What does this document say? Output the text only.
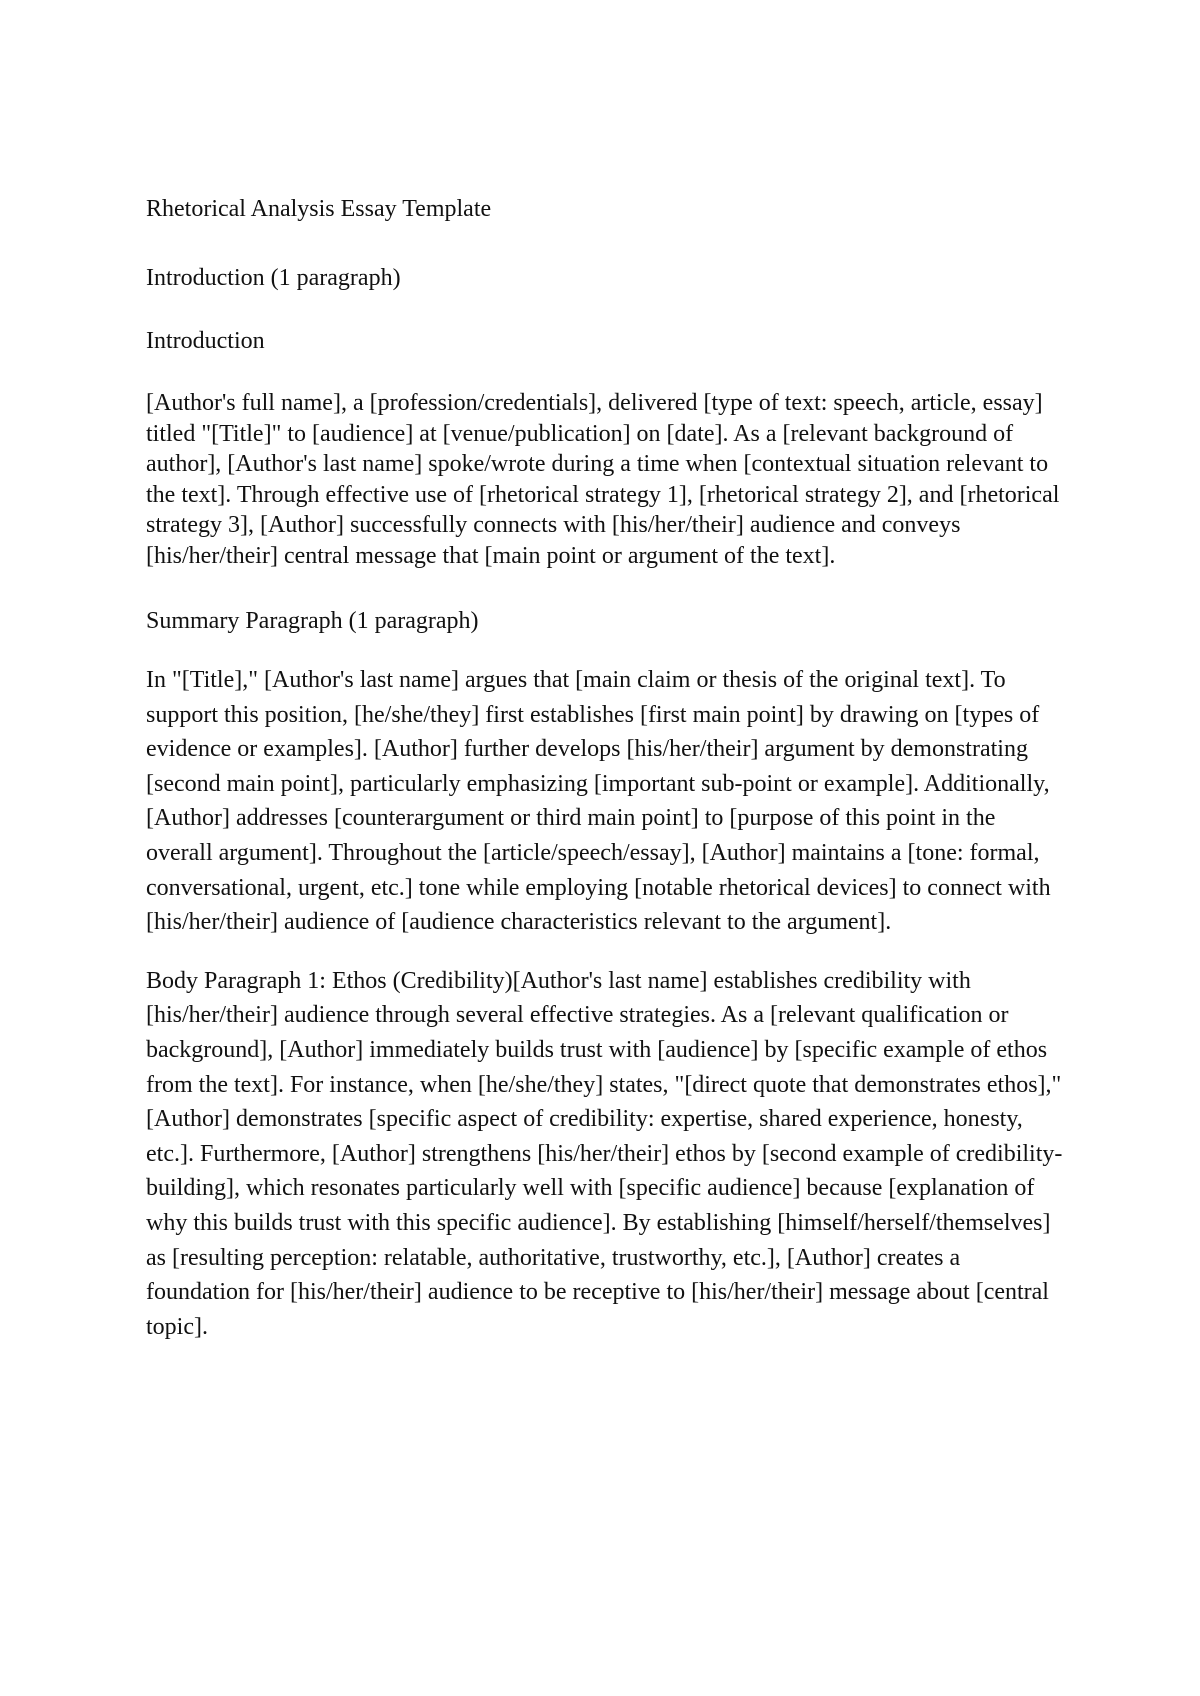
Rhetorical Analysis Essay Template

Introduction (1 paragraph)

Introduction

[Author's full name], a [profession/credentials], delivered [type of text: speech, article, essay] titled "[Title]" to [audience] at [venue/publication] on [date]. As a [relevant background of author], [Author's last name] spoke/wrote during a time when [contextual situation relevant to the text]. Through effective use of [rhetorical strategy 1], [rhetorical strategy 2], and [rhetorical strategy 3], [Author] successfully connects with [his/her/their] audience and conveys [his/her/their] central message that [main point or argument of the text].

Summary Paragraph (1 paragraph)

In "[Title]," [Author's last name] argues that [main claim or thesis of the original text]. To support this position, [he/she/they] first establishes [first main point] by drawing on [types of evidence or examples]. [Author] further develops [his/her/their] argument by demonstrating [second main point], particularly emphasizing [important sub-point or example]. Additionally, [Author] addresses [counterargument or third main point] to [purpose of this point in the overall argument]. Throughout the [article/speech/essay], [Author] maintains a [tone: formal, conversational, urgent, etc.] tone while employing [notable rhetorical devices] to connect with [his/her/their] audience of [audience characteristics relevant to the argument].

Body Paragraph 1: Ethos (Credibility)[Author's last name] establishes credibility with [his/her/their] audience through several effective strategies. As a [relevant qualification or background], [Author] immediately builds trust with [audience] by [specific example of ethos from the text]. For instance, when [he/she/they] states, "[direct quote that demonstrates ethos]," [Author] demonstrates [specific aspect of credibility: expertise, shared experience, honesty, etc.]. Furthermore, [Author] strengthens [his/her/their] ethos by [second example of credibility-building], which resonates particularly well with [specific audience] because [explanation of why this builds trust with this specific audience]. By establishing [himself/herself/themselves] as [resulting perception: relatable, authoritative, trustworthy, etc.], [Author] creates a foundation for [his/her/their] audience to be receptive to [his/her/their] message about [central topic].
